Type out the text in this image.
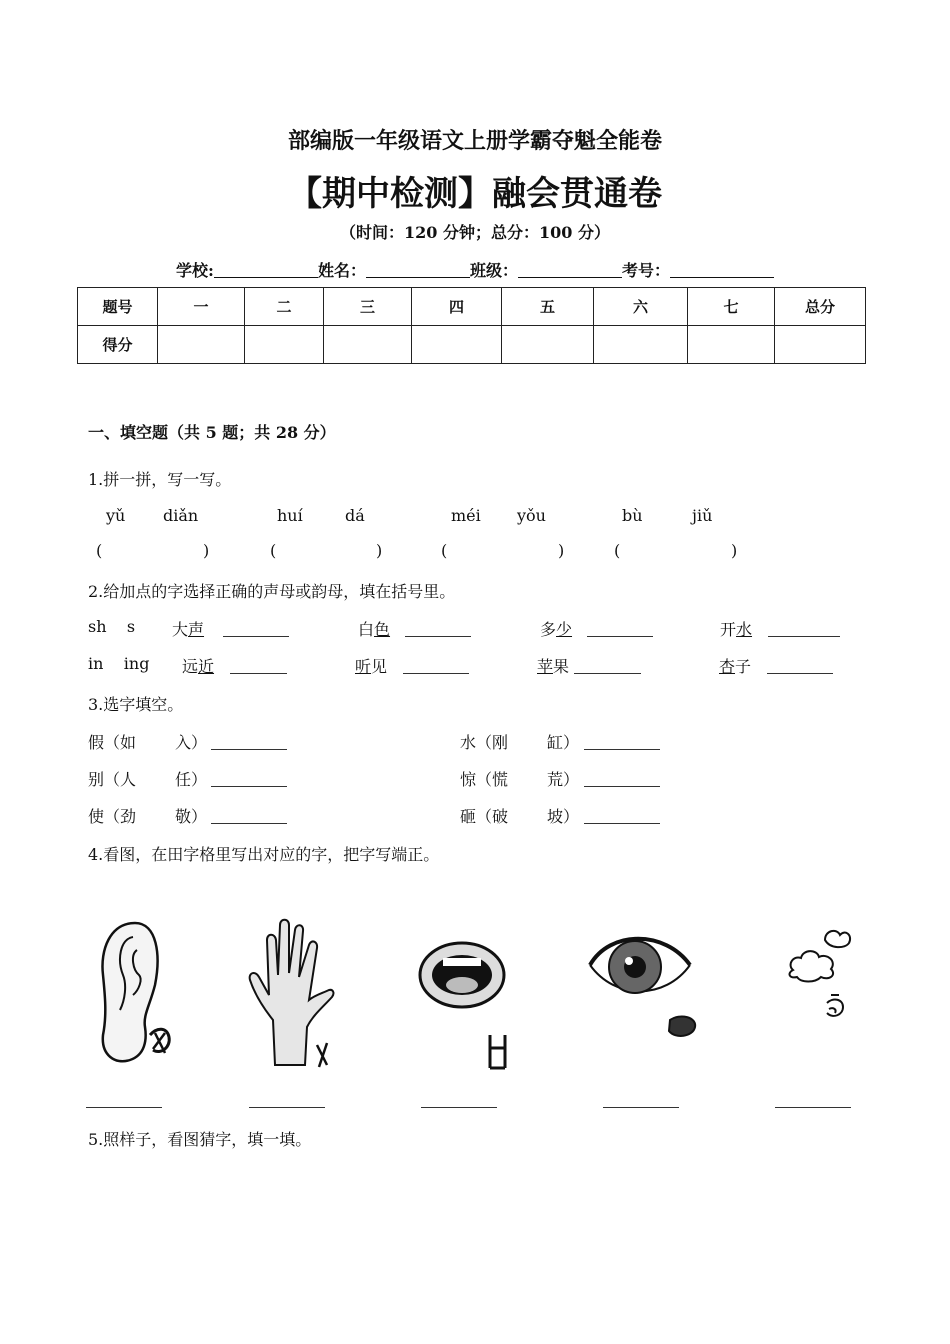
部编版一年级语文上册学霸夺魁全能卷
【期中检测】融会贯通卷
（时间：120 分钟；总分：100 分）
学校:	姓名：	班级：	考号：
题号	一	二	三	四	五	六	七	总分
得分								
一、填空题（共 5 题；共 28 分）
1.拼一拼，写一写。
yǔ diǎn	huí	dá	méi yǒu	bù	jiǔ
(	)	(	)	(	)	(	)
2.给加点的字选择正确的声母或韵母，填在括号里。
sh    s 大声	白色	多少	开水
in    ing 远近	听见	苹果	杏子
3.选字填空。
假（如 入）	水（刚 缸）
别（人 任）	惊（慌 荒）
使（劲 敬）	砸（破 坡）
4.看图，在田字格里写出对应的字，把字写端正。
5.照样子，看图猜字，填一填。
